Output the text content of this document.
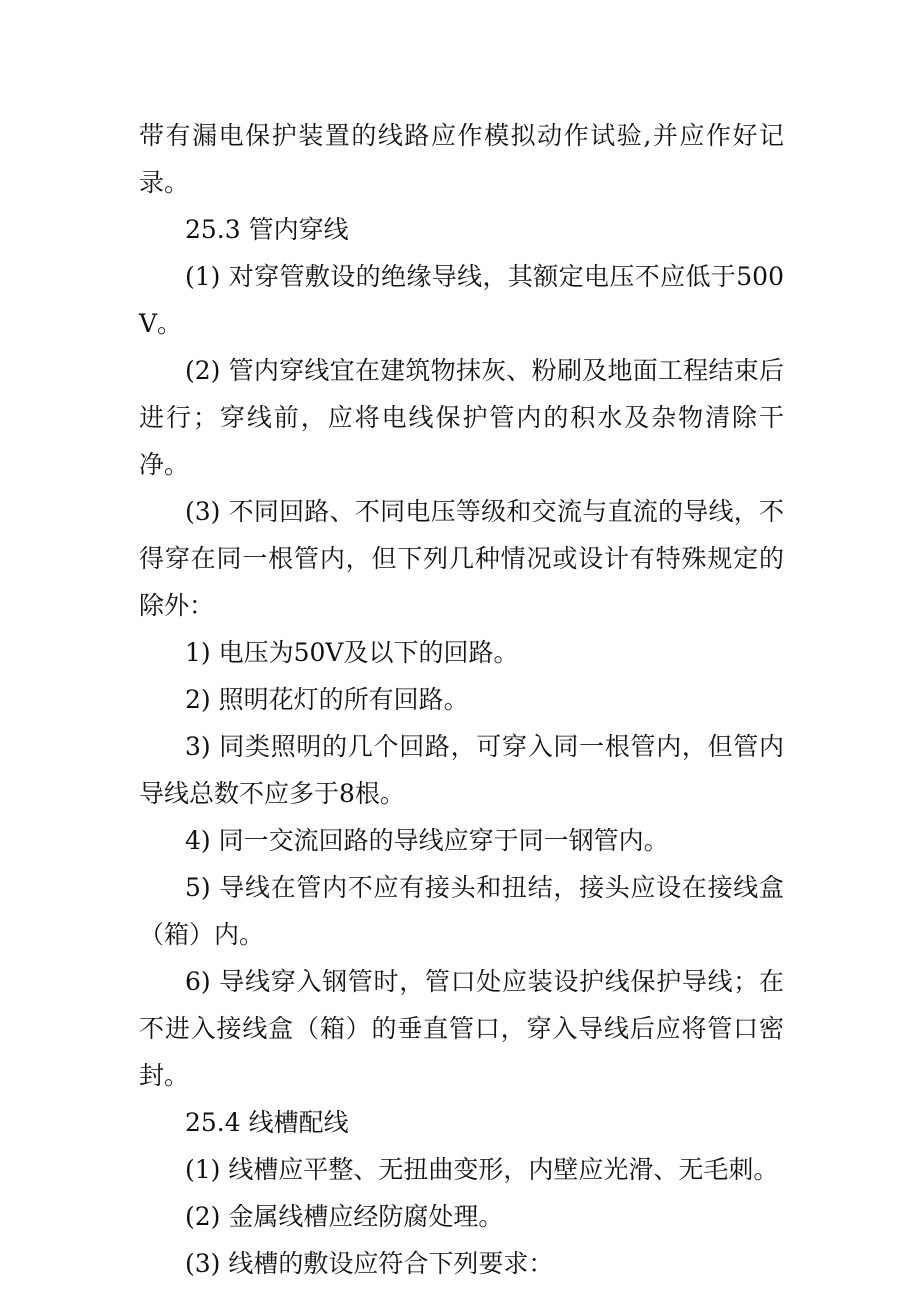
带有漏电保护装置的线路应作模拟动作试验,并应作好记录。

25.3 管内穿线

(1) 对穿管敷设的绝缘导线，其额定电压不应低于500V。

(2) 管内穿线宜在建筑物抹灰、粉刷及地面工程结束后进行；穿线前，应将电线保护管内的积水及杂物清除干净。

(3) 不同回路、不同电压等级和交流与直流的导线，不得穿在同一根管内，但下列几种情况或设计有特殊规定的除外：

1) 电压为50V及以下的回路。

2) 照明花灯的所有回路。

3) 同类照明的几个回路，可穿入同一根管内，但管内导线总数不应多于8根。

4) 同一交流回路的导线应穿于同一钢管内。

5) 导线在管内不应有接头和扭结，接头应设在接线盒（箱）内。

6) 导线穿入钢管时，管口处应装设护线保护导线；在不进入接线盒（箱）的垂直管口，穿入导线后应将管口密封。

25.4 线槽配线

(1) 线槽应平整、无扭曲变形，内壁应光滑、无毛刺。

(2) 金属线槽应经防腐处理。

(3) 线槽的敷设应符合下列要求：
